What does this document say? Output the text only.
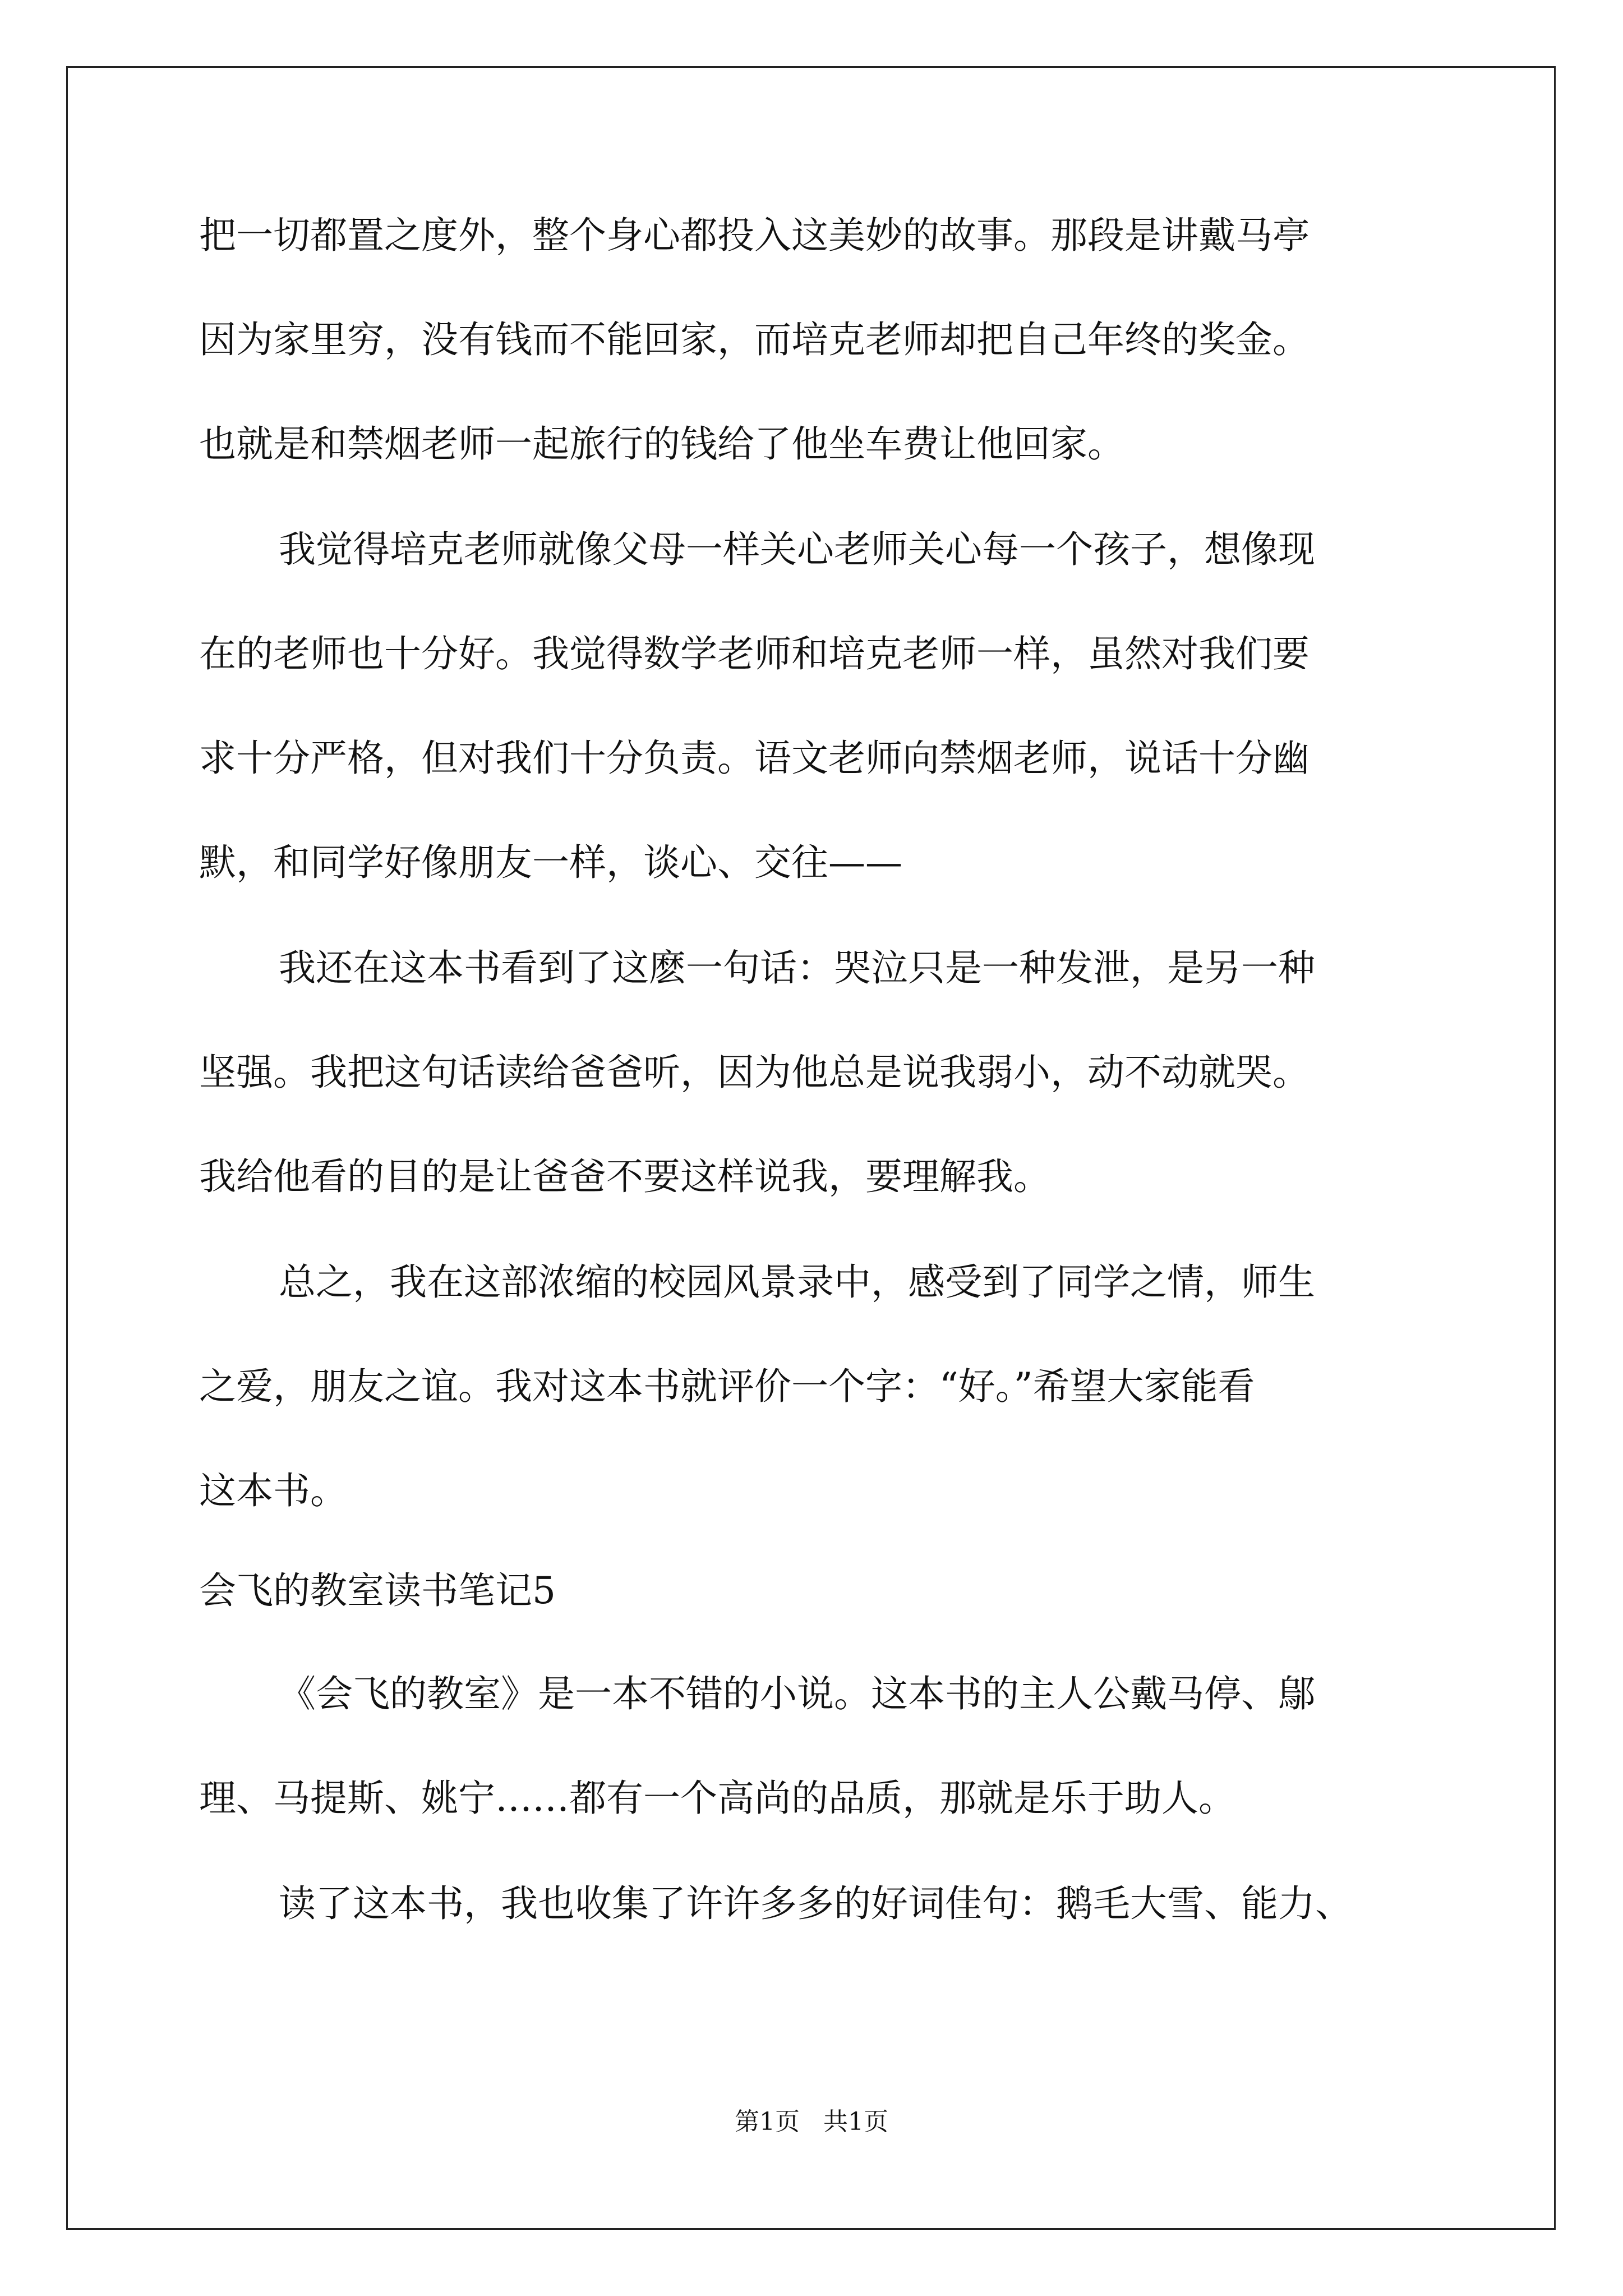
把一切都置之度外，整个身心都投入这美妙的故事。那段是讲戴马亭
因为家里穷，没有钱而不能回家，而培克老师却把自己年终的奖金。
也就是和禁烟老师一起旅行的钱给了他坐车费让他回家。
我觉得培克老师就像父母一样关心老师关心每一个孩子，想像现
在的老师也十分好。我觉得数学老师和培克老师一样，虽然对我们要
求十分严格，但对我们十分负责。语文老师向禁烟老师，说话十分幽
默，和同学好像朋友一样，谈心、交往——
我还在这本书看到了这麽一句话：哭泣只是一种发泄，是另一种
坚强。我把这句话读给爸爸听，因为他总是说我弱小，动不动就哭。
我给他看的目的是让爸爸不要这样说我，要理解我。
总之，我在这部浓缩的校园风景录中，感受到了同学之情，师生
之爱，朋友之谊。我对这本书就评价一个字：“好。”希望大家能看
这本书。
会飞的教室读书笔记5
《会飞的教室》是一本不错的小说。这本书的主人公戴马停、鄔
理、马提斯、姚宁……都有一个高尚的品质，那就是乐于助人。
读了这本书，我也收集了许许多多的好词佳句：鹅毛大雪、能力、
第1页   共1页
